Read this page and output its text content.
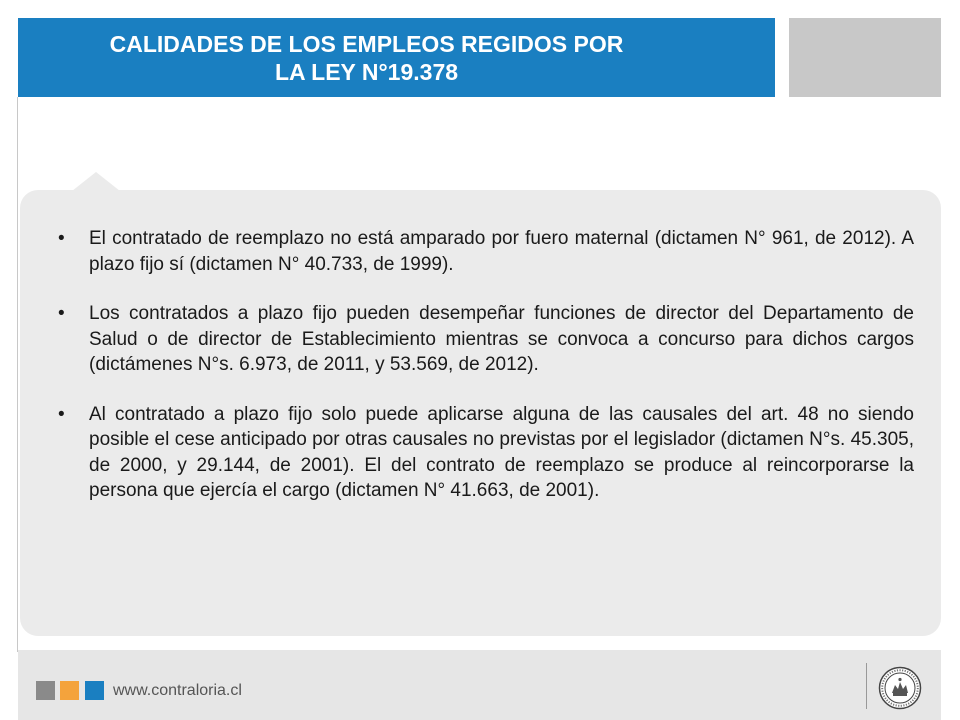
CALIDADES DE LOS EMPLEOS REGIDOS POR
LA LEY N°19.378
•	El contratado de reemplazo no está amparado por fuero maternal (dictamen N° 961, de 2012). A plazo fijo sí (dictamen N° 40.733, de 1999).
•	Los contratados a plazo fijo pueden desempeñar funciones de director del Departamento de Salud o de director de Establecimiento mientras se convoca a concurso para dichos cargos (dictámenes N°s. 6.973, de 2011, y 53.569, de 2012).
•	Al contratado a plazo fijo solo puede aplicarse alguna de las causales del art. 48 no siendo posible el cese anticipado por otras causales no previstas por el legislador (dictamen N°s. 45.305, de 2000, y 29.144, de 2001). El del contrato de reemplazo se produce al reincorporarse la persona que ejercía el cargo (dictamen N° 41.663, de 2001).
www.contraloria.cl
